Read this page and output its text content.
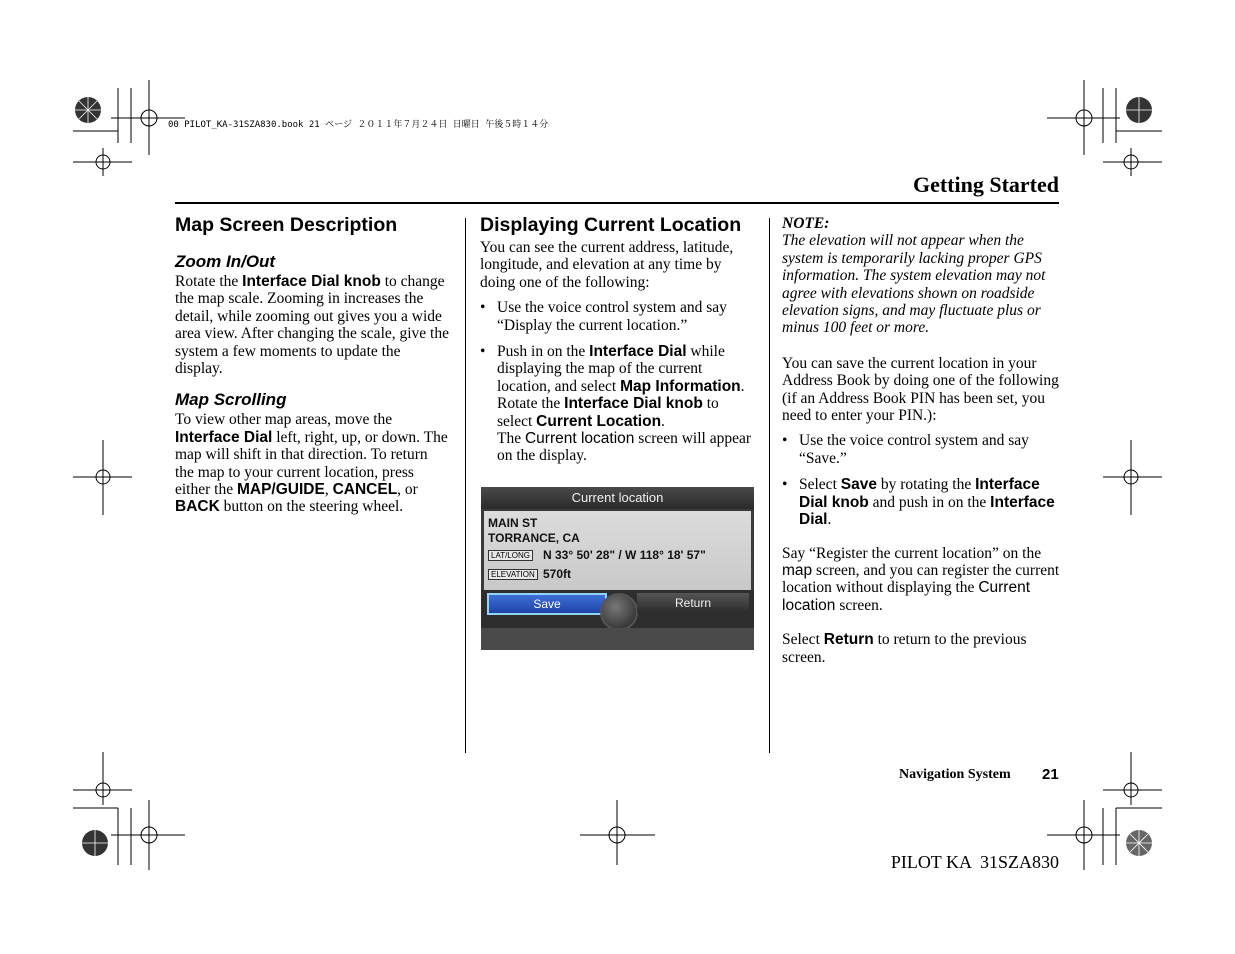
00 PILOT_KA-31SZA830.book 21 ページ ２０１１年７月２４日 日曜日 午後５時１４分
Getting Started
Map Screen Description
Zoom In/Out
Rotate the Interface Dial knob to change the map scale. Zooming in increases the detail, while zooming out gives you a wide area view. After changing the scale, give the system a few moments to update the display.
Map Scrolling
To view other map areas, move the Interface Dial left, right, up, or down. The map will shift in that direction. To return the map to your current location, press either the MAP/GUIDE, CANCEL, or BACK button on the steering wheel.
Displaying Current Location
You can see the current address, latitude, longitude, and elevation at any time by doing one of the following:
• Use the voice control system and say “Display the current location.”
• Push in on the Interface Dial while displaying the map of the current location, and select Map Information. Rotate the Interface Dial knob to select Current Location.
The Current location screen will appear on the display.
Current location
MAIN ST
TORRANCE, CA
LAT/LONG N 33° 50' 28" / W 118° 18' 57"
ELEVATION 570ft
Save	Return
NOTE:
The elevation will not appear when the system is temporarily lacking proper GPS information. The system elevation may not agree with elevations shown on roadside elevation signs, and may fluctuate plus or minus 100 feet or more.
You can save the current location in your Address Book by doing one of the following (if an Address Book PIN has been set, you need to enter your PIN.):
• Use the voice control system and say “Save.”
• Select Save by rotating the Interface Dial knob and push in on the Interface Dial.
Say “Register the current location” on the map screen, and you can register the current location without displaying the Current location screen.
Select Return to return to the previous screen.
Navigation System 21
PILOT KA  31SZA830
